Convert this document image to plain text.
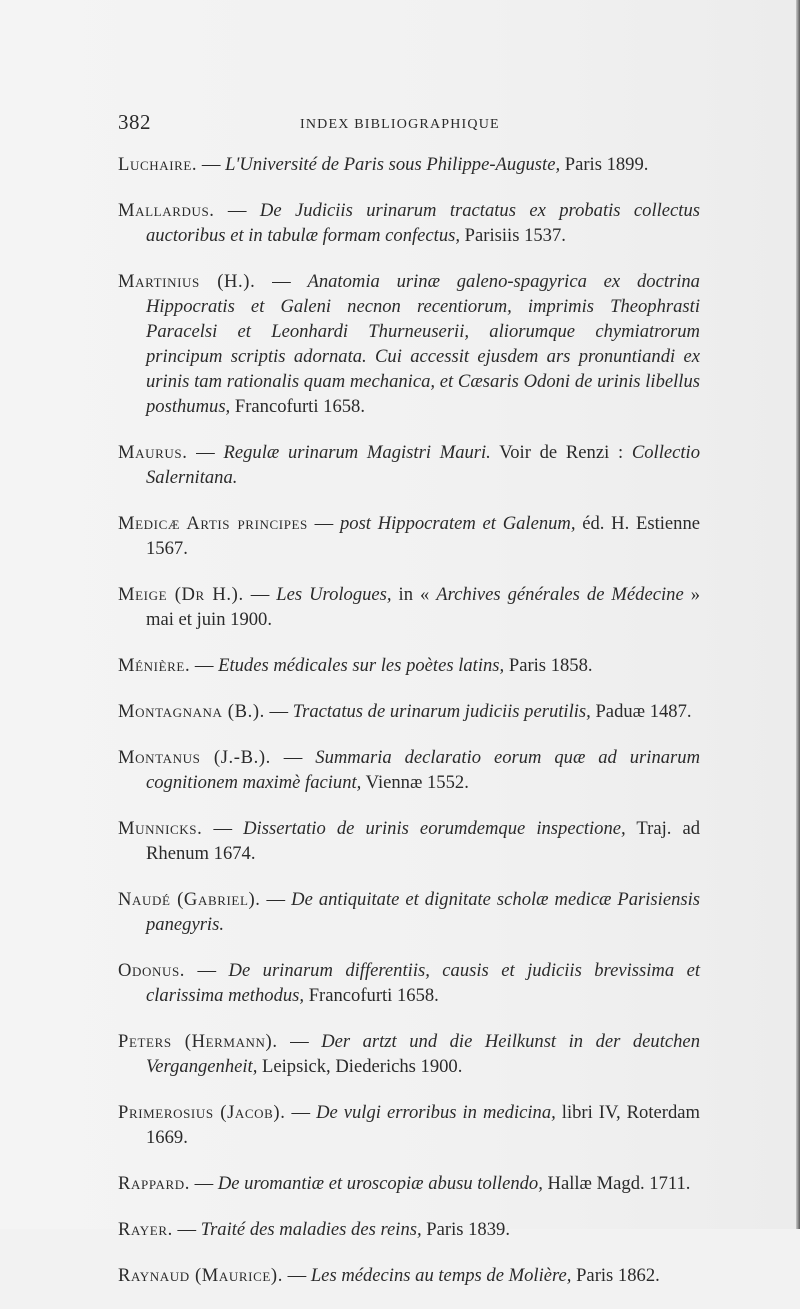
382	INDEX BIBLIOGRAPHIQUE

Luchaire. — L'Université de Paris sous Philippe-Auguste, Paris 1899.

Mallardus. — De Judiciis urinarum tractatus ex probatis collectus auctoribus et in tabulæ formam confectus, Parisiis 1537.

Martinius (H.). — Anatomia urinæ galeno-spagyrica ex doctrina Hippocratis et Galeni necnon recentiorum, imprimis Theophrasti Paracelsi et Leonhardi Thurneuserii, aliorumque chymiatrorum principum scriptis adornata. Cui accessit ejusdem ars pronuntiandi ex urinis tam rationalis quam mechanica, et Cæsaris Odoni de urinis libellus posthumus, Francofurti 1658.

Maurus. — Regulæ urinarum Magistri Mauri. Voir de Renzi : Collectio Salernitana.

Medicæ Artis principes — post Hippocratem et Galenum, éd. H. Estienne 1567.

Meige (Dr H.). — Les Urologues, in « Archives générales de Médecine » mai et juin 1900.

Ménière. — Etudes médicales sur les poètes latins, Paris 1858.

Montagnana (B.). — Tractatus de urinarum judiciis perutilis, Paduæ 1487.

Montanus (J.-B.). — Summaria declaratio eorum quæ ad urinarum cognitionem maximè faciunt, Viennæ 1552.

Munnicks. — Dissertatio de urinis eorumdemque inspectione, Traj. ad Rhenum 1674.

Naudé (Gabriel). — De antiquitate et dignitate scholæ medicæ Parisiensis panegyris.

Odonus. — De urinarum differentiis, causis et judiciis brevissima et clarissima methodus, Francofurti 1658.

Peters (Hermann). — Der artzt und die Heilkunst in der deutchen Vergangenheit, Leipsick, Diederichs 1900.

Primerosius (Jacob). — De vulgi erroribus in medicina, libri IV, Roterdam 1669.

Rappard. — De uromantiæ et uroscopiæ abusu tollendo, Hallæ Magd. 1711.

Rayer. — Traité des maladies des reins, Paris 1839.

Raynaud (Maurice). — Les médecins au temps de Molière, Paris 1862.
